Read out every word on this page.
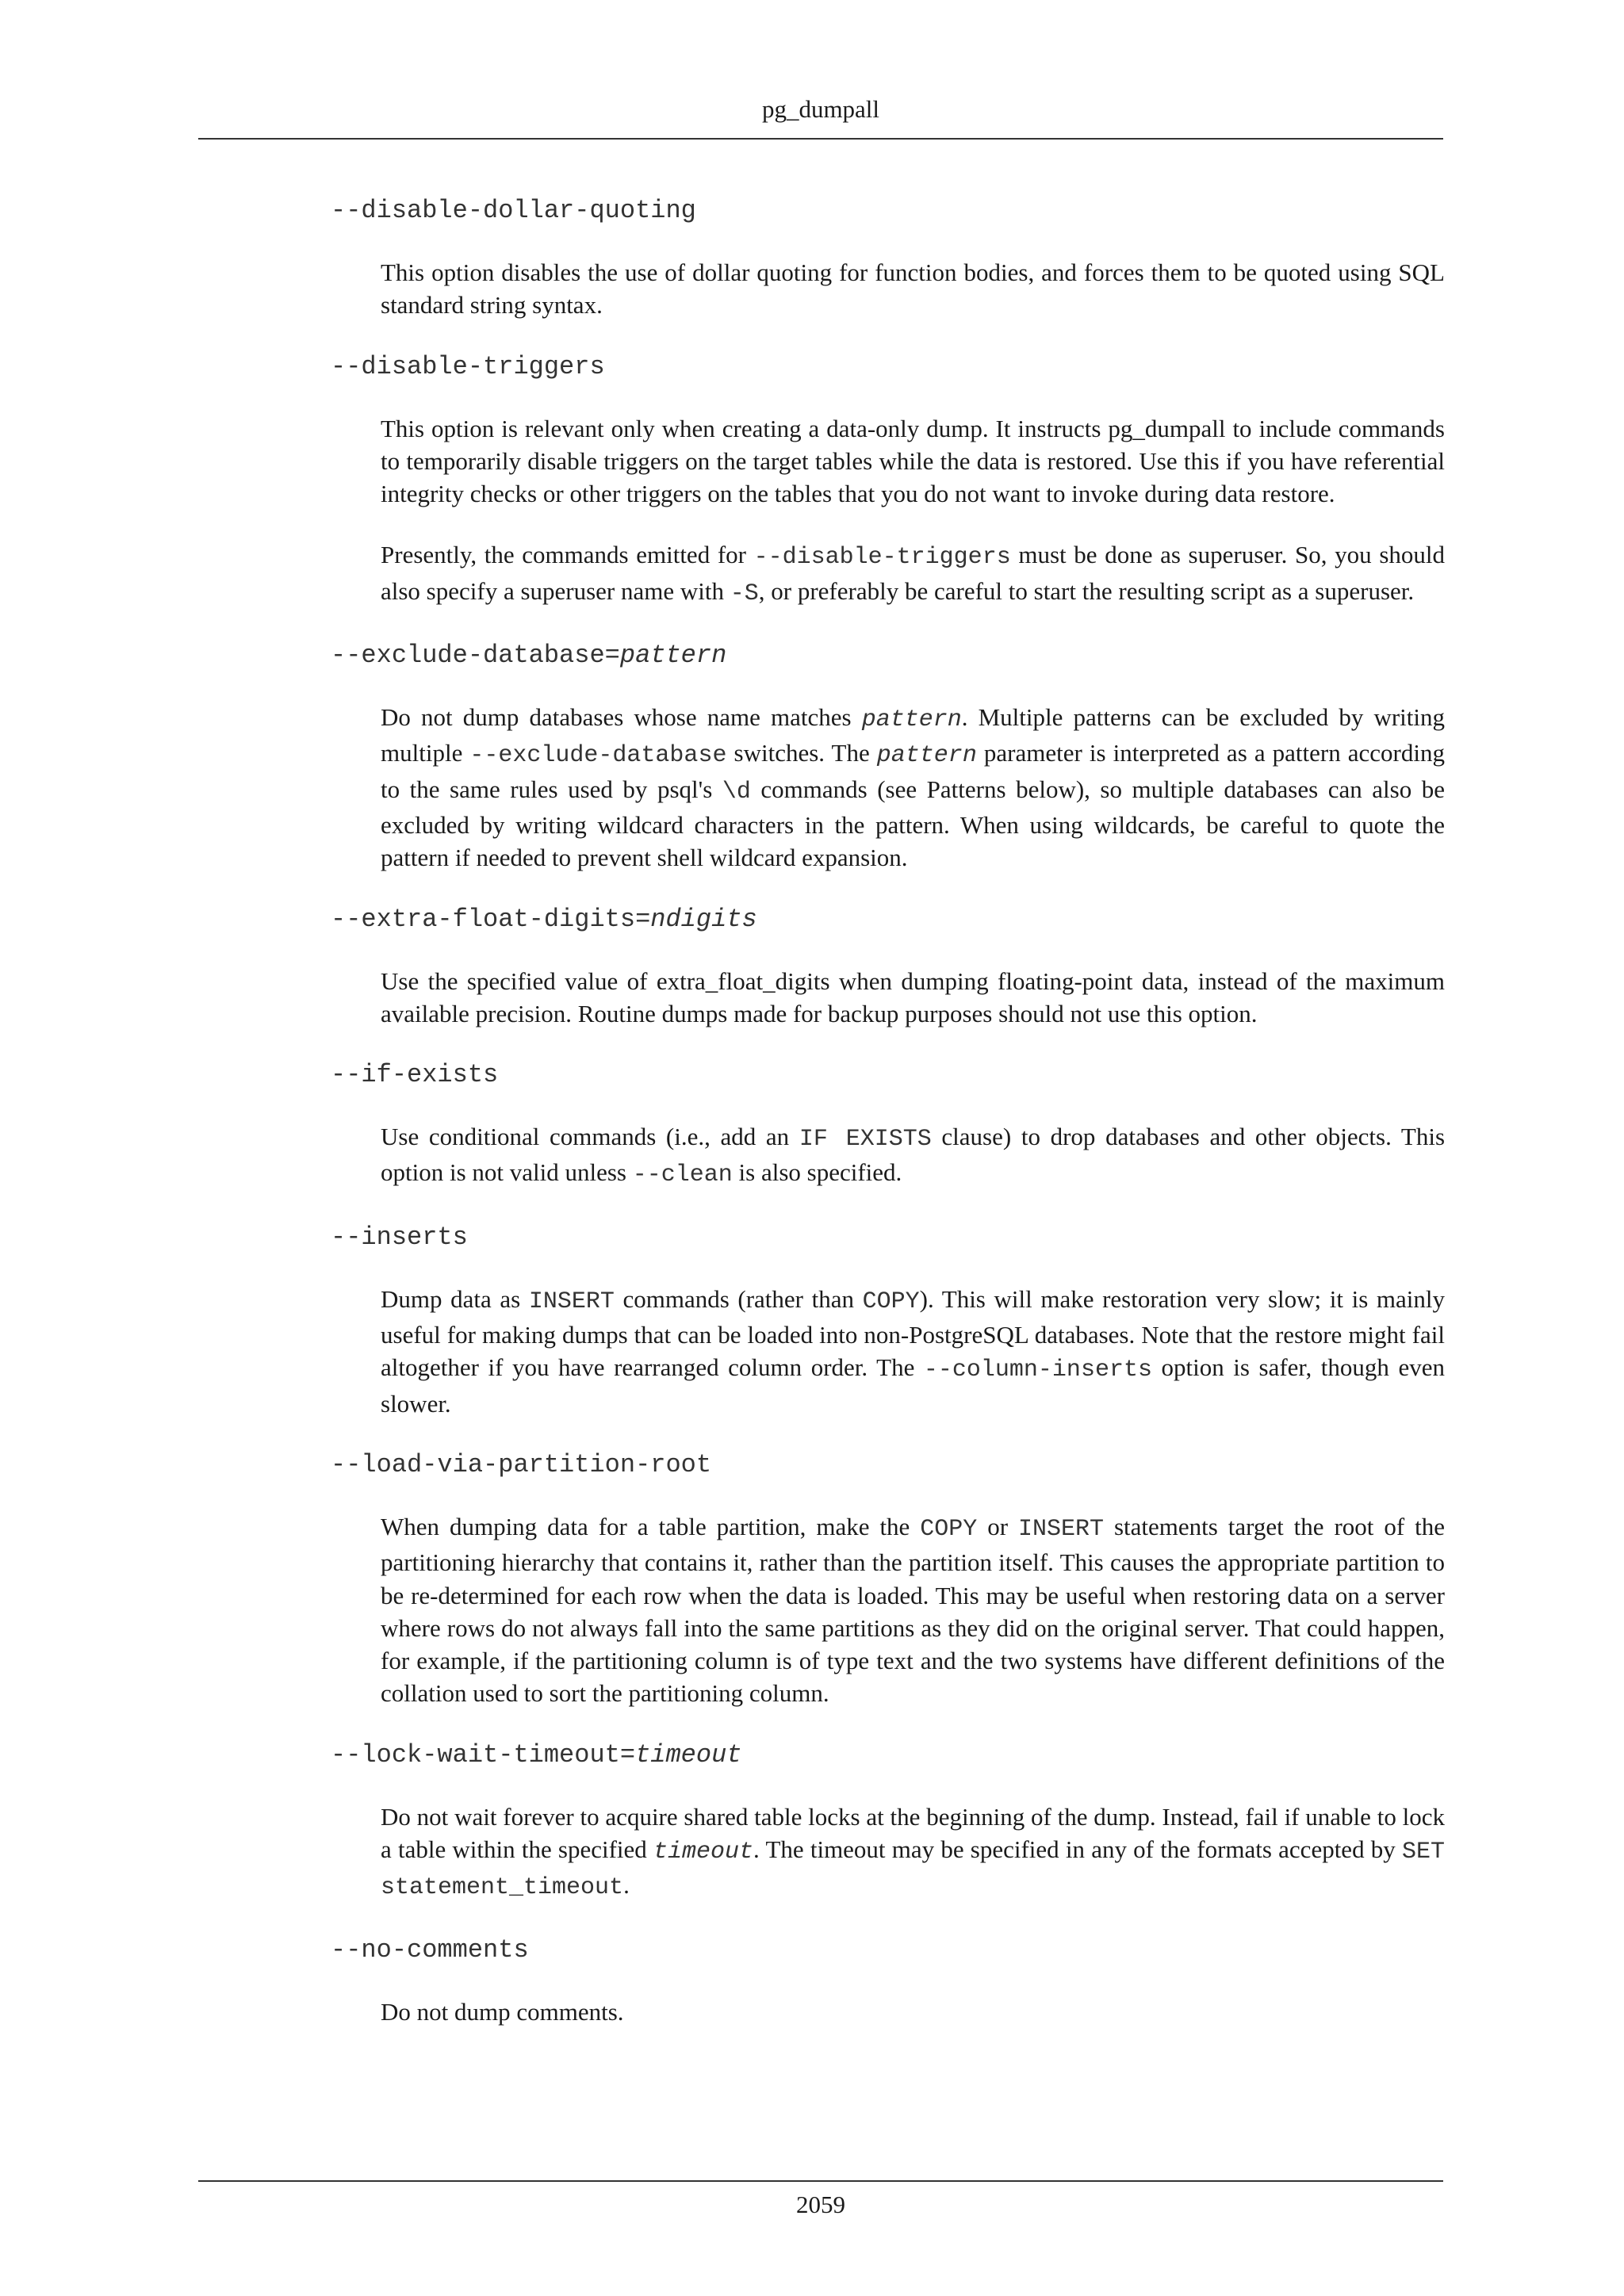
pg_dumpall
--disable-dollar-quoting

This option disables the use of dollar quoting for function bodies, and forces them to be quoted using SQL standard string syntax.

--disable-triggers

This option is relevant only when creating a data-only dump. It instructs pg_dumpall to include commands to temporarily disable triggers on the target tables while the data is restored. Use this if you have referential integrity checks or other triggers on the tables that you do not want to invoke during data restore.

Presently, the commands emitted for --disable-triggers must be done as superuser. So, you should also specify a superuser name with -S, or preferably be careful to start the resulting script as a superuser.

--exclude-database=pattern

Do not dump databases whose name matches pattern. Multiple patterns can be excluded by writing multiple --exclude-database switches. The pattern parameter is interpreted as a pattern according to the same rules used by psql's \d commands (see Patterns below), so multiple databases can also be excluded by writing wildcard characters in the pattern. When using wildcards, be careful to quote the pattern if needed to prevent shell wildcard expansion.

--extra-float-digits=ndigits

Use the specified value of extra_float_digits when dumping floating-point data, instead of the maximum available precision. Routine dumps made for backup purposes should not use this option.

--if-exists

Use conditional commands (i.e., add an IF EXISTS clause) to drop databases and other objects. This option is not valid unless --clean is also specified.

--inserts

Dump data as INSERT commands (rather than COPY). This will make restoration very slow; it is mainly useful for making dumps that can be loaded into non-PostgreSQL databases. Note that the restore might fail altogether if you have rearranged column order. The --column-inserts option is safer, though even slower.

--load-via-partition-root

When dumping data for a table partition, make the COPY or INSERT statements target the root of the partitioning hierarchy that contains it, rather than the partition itself. This causes the appropriate partition to be re-determined for each row when the data is loaded. This may be useful when restoring data on a server where rows do not always fall into the same partitions as they did on the original server. That could happen, for example, if the partitioning column is of type text and the two systems have different definitions of the collation used to sort the partitioning column.

--lock-wait-timeout=timeout

Do not wait forever to acquire shared table locks at the beginning of the dump. Instead, fail if unable to lock a table within the specified timeout. The timeout may be specified in any of the formats accepted by SET statement_timeout.

--no-comments

Do not dump comments.

2059
